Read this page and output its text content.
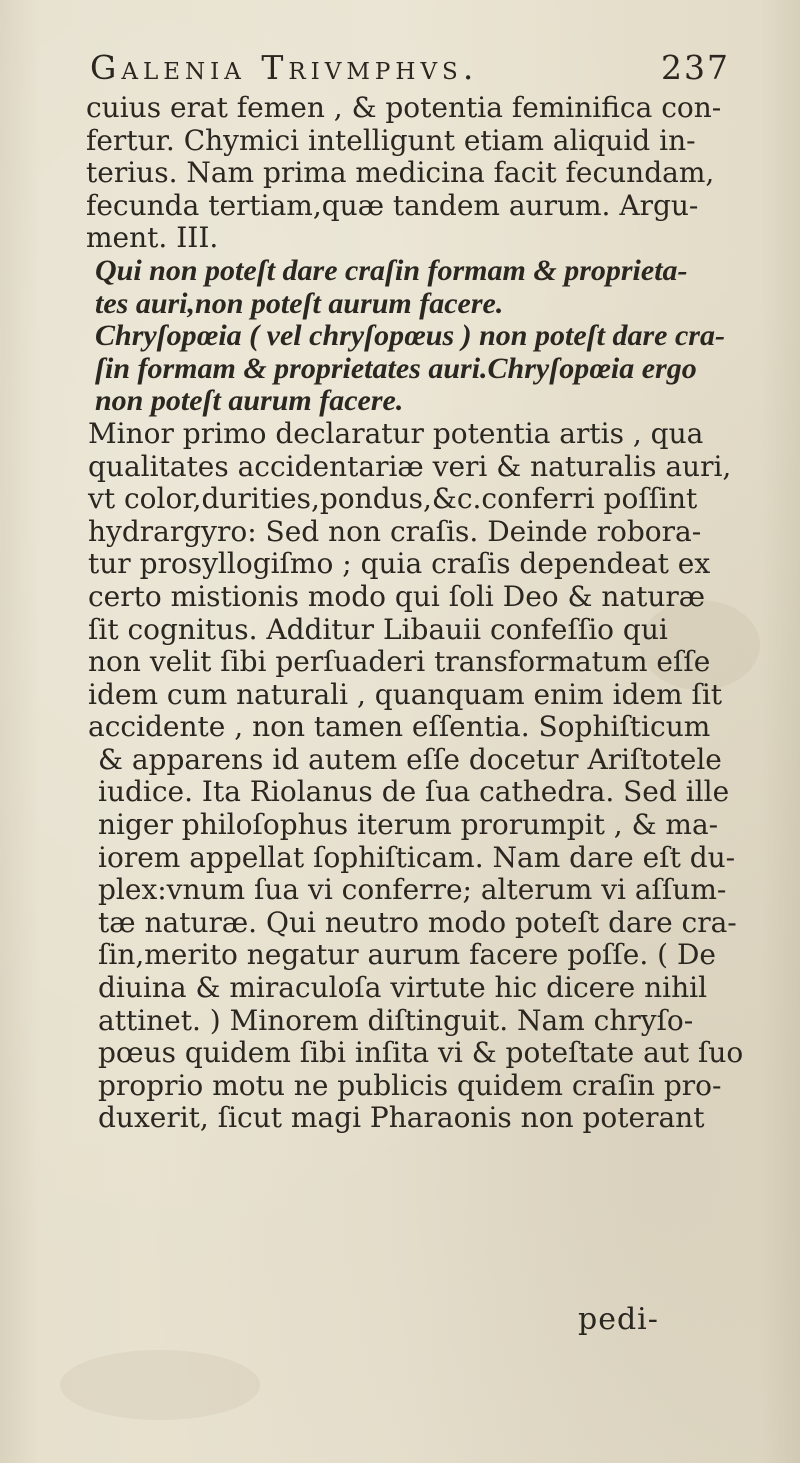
Galenia Trivmphvs.	237
cuius erat femen , & potentia feminifica con-
fertur. Chymici intelligunt etiam aliquid in-
terius. Nam prima medicina facit fecundam,
fecunda tertiam,quæ tandem aurum. Argu-
ment. III.
Qui non poteſt dare craſin formam & proprieta-
tes auri,non poteſt aurum facere.
Chryſopœia ( vel chryſopœus ) non poteſt dare cra-
ſin formam & proprietates auri.Chryſopœia ergo
non poteſt aurum facere.
Minor primo declaratur potentia artis , qua
qualitates accidentariæ veri & naturalis auri,
vt color,durities,pondus,&c.conferri poſſint
hydrargyro: Sed non craſis. Deinde robora-
tur prosyllogiſmo ; quia craſis dependeat ex
certo mistionis modo qui ſoli Deo & naturæ
ſit cognitus. Additur Libauii confeſſio qui
non velit ſibi perſuaderi transformatum eſſe
idem cum naturali , quanquam enim idem ſit
accidente , non tamen eſſentia. Sophiſticum
& apparens id autem eſſe docetur Ariſtotele
iudice. Ita Riolanus de ſua cathedra. Sed ille
niger philoſophus iterum prorumpit , & ma-
iorem appellat ſophiſticam. Nam dare eſt du-
plex:vnum ſua vi conferre; alterum vi aſſum-
tæ naturæ. Qui neutro modo poteſt dare cra-
ſin,merito negatur aurum facere poſſe. ( De
diuina & miraculoſa virtute hic dicere nihil
attinet. ) Minorem diſtinguit. Nam chryſo-
pœus quidem ſibi inſita vi & poteſtate aut ſuo
proprio motu ne publicis quidem craſin pro-
duxerit, ſicut magi Pharaonis non poterant
pedi-
